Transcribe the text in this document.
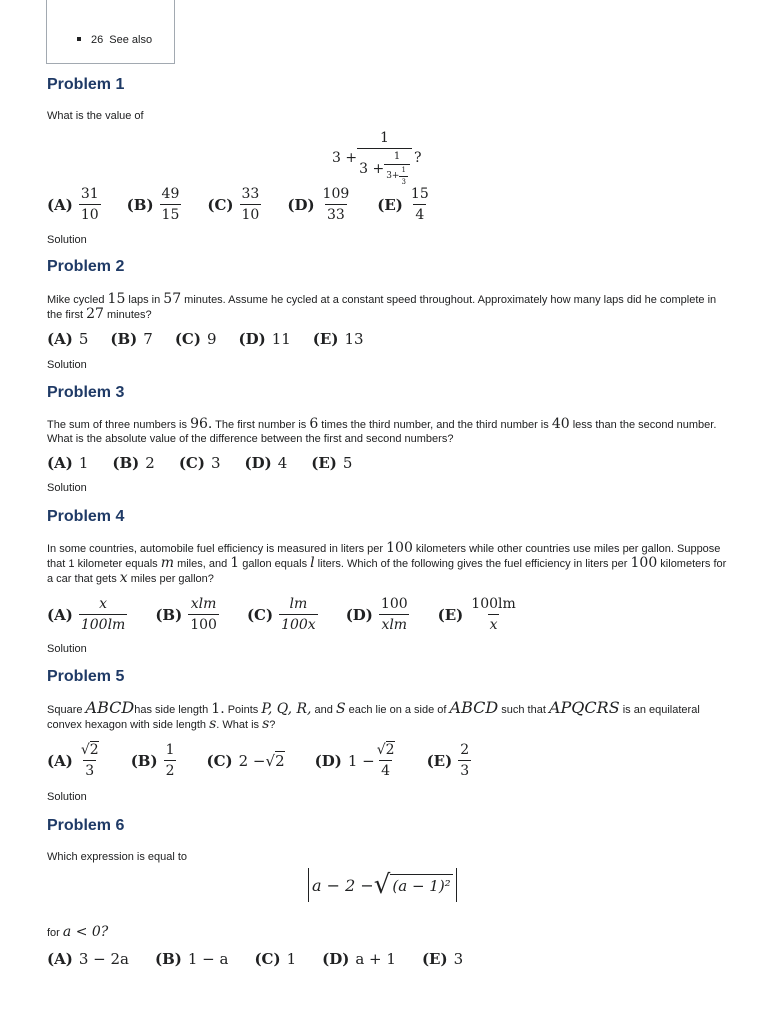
26 See also
Problem 1

What is the value of

3 +
1
$3 + \frac{1}{3+ \frac{1}{3}}$ ?
$(A) \frac{31}{10} (B) \frac{49}{15} (C) \frac{33}{10} (D) \frac{109}{33} (E) \frac{15}{4}$
Solution
Problem 2

Mike cycled 15 laps in 57 minutes. Assume he cycled at a constant speed throughout. Approximately how many laps did he complete in the first 27 minutes?

(A) 5 (B) 7 (C) 9 (D) 11 (E) 13
Solution
Problem 3

The sum of three numbers is 96. The first number is 6 times the third number, and the third number is 40 less than the second number. What is the absolute value of the difference between the first and second numbers?

(A) 1 (B) 2 (C) 3 (D) 4 (E) 5
Solution
Problem 4

In some countries, automobile fuel efficiency is measured in liters per 100 kilometers while other countries use miles per gallon. Suppose that 1 kilometer equals m miles, and 1 gallon equals l liters. Which of the following gives the fuel efficiency in liters per 100 kilometers for a car that gets x miles per gallon?

$(A) \frac{x}{100lm} (B) \frac{\text{xlm}}{100} (C) \frac{lm}{100x} (D) \frac{100}{\text{xlm}} (E) \frac{100lm}{x}$
Solution
Problem 5

Square ABCDhas side length 1. Points P, Q, R, and S each lie on a side of ABCD such that APQCRS is an equilateral convex hexagon with side length s. What is s?

$(A) \frac{√2}{3} (B) \frac{1}{2} (C) 2$ − √ 2 (D) $1 - \frac{√2}{4} (E) \frac{2}{3}$
Solution
Problem 6

Which expression is equal to

a − 2 − √ (a − 1)²

for a < 0?

(A) 3 − 2a (B) 1 − a (C) 1 (D) a + 1 (E) 3
